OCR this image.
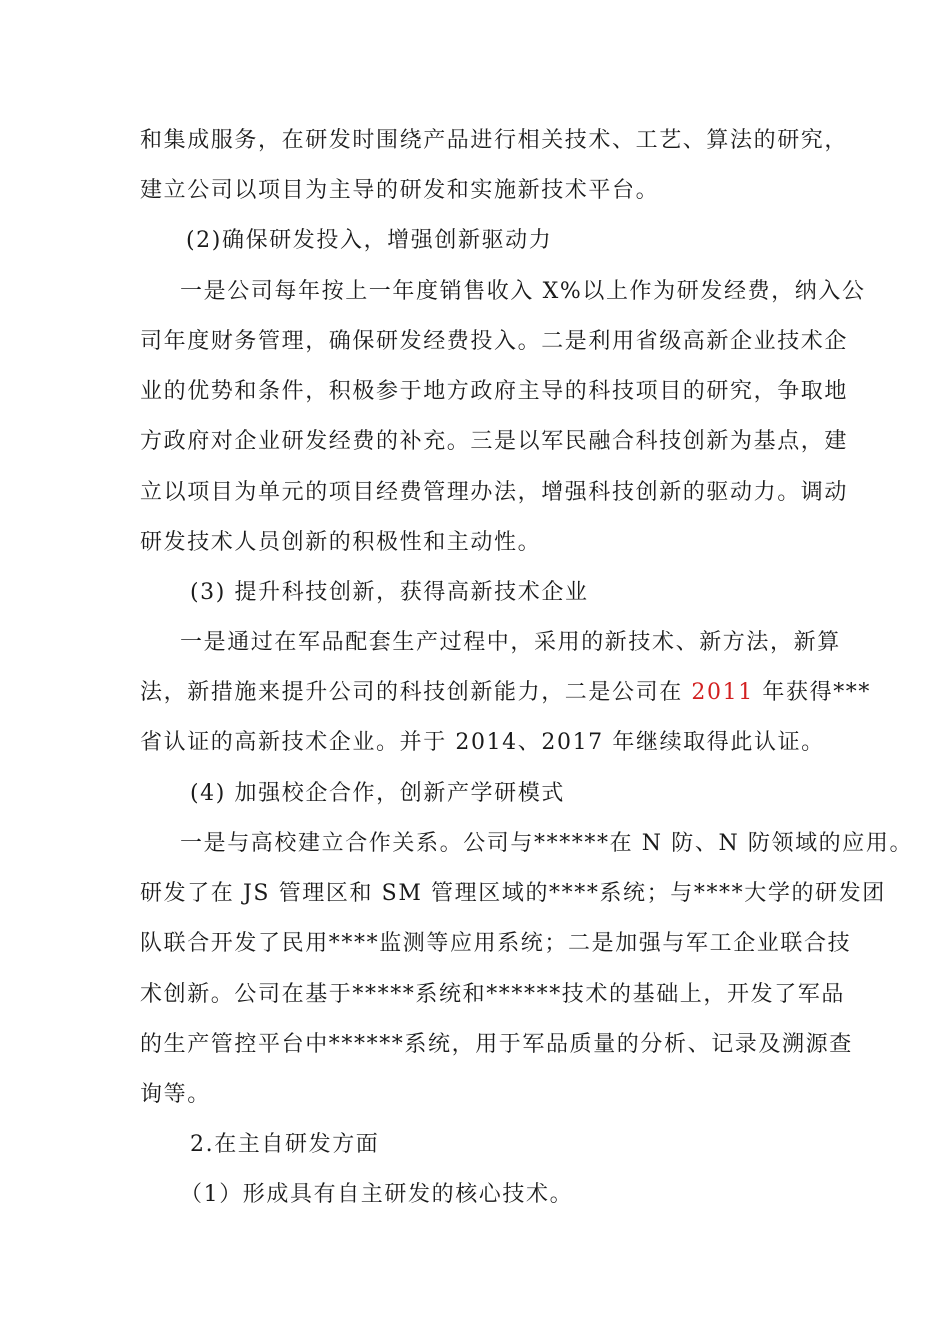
和集成服务，在研发时围绕产品进行相关技术、工艺、算法的研究，
建立公司以项目为主导的研发和实施新技术平台。
(2)确保研发投入，增强创新驱动力
一是公司每年按上一年度销售收入 X%以上作为研发经费，纳入公
司年度财务管理，确保研发经费投入。二是利用省级高新企业技术企
业的优势和条件，积极参于地方政府主导的科技项目的研究，争取地
方政府对企业研发经费的补充。三是以军民融合科技创新为基点，建
立以项目为单元的项目经费管理办法，增强科技创新的驱动力。调动
研发技术人员创新的积极性和主动性。
(3) 提升科技创新，获得高新技术企业
一是通过在军品配套生产过程中，采用的新技术、新方法，新算
法，新措施来提升公司的科技创新能力，二是公司在 2011 年获得***
省认证的高新技术企业。并于 2014、2017 年继续取得此认证。
(4) 加强校企合作，创新产学研模式
一是与高校建立合作关系。公司与******在 N 防、N 防领域的应用。
研发了在 JS 管理区和 SM 管理区域的****系统；与****大学的研发团
队联合开发了民用****监测等应用系统；二是加强与军工企业联合技
术创新。公司在基于*****系统和******技术的基础上，开发了军品
的生产管控平台中******系统，用于军品质量的分析、记录及溯源查
询等。
2.在主自研发方面
（1）形成具有自主研发的核心技术。
